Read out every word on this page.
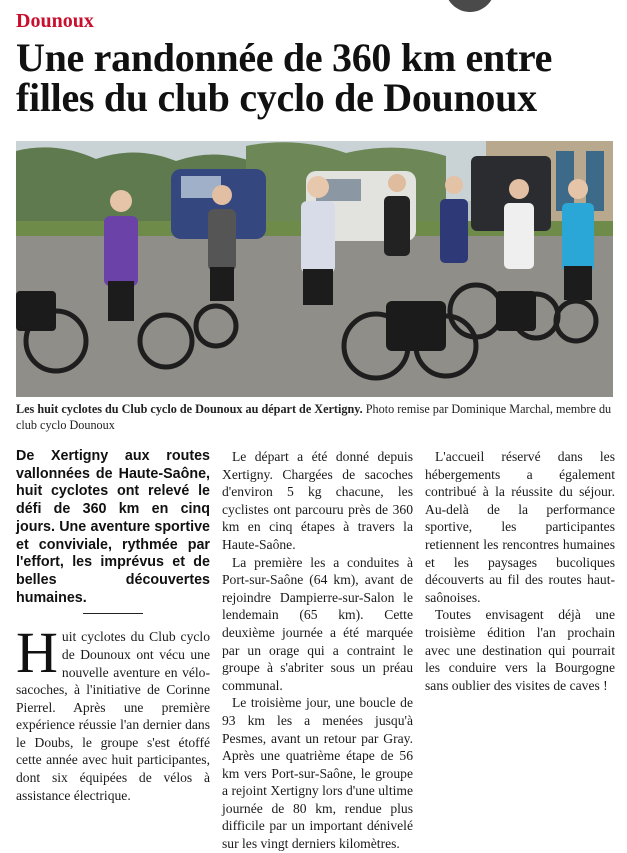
Dounoux
Une randonnée de 360 km entre filles du club cyclo de Dounoux
Les huit cyclotes du Club cyclo de Dounoux au départ de Xertigny. Photo remise par Dominique Marchal, membre du club cyclo Dounoux

De Xertigny aux routes vallonnées de Haute-Saône, huit cyclotes ont relevé le défi de 360 km en cinq jours. Une aventure sportive et conviviale, rythmée par l'effort, les imprévus et de belles découvertes humaines.

Huit cyclotes du Club cyclo de Dounoux ont vécu une nouvelle aventure en vélo-sacoches, à l'initiative de Corinne Pierrel. Après une première expérience réussie l'an dernier dans le Doubs, le groupe s'est étoffé cette année avec huit participantes, dont six équipées de vélos à assistance électrique.

Le départ a été donné depuis Xertigny. Chargées de sacoches d'environ 5 kg chacune, les cyclistes ont parcouru près de 360 km en cinq étapes à travers la Haute-Saône.

La première les a conduites à Port-sur-Saône (64 km), avant de rejoindre Dampierre-sur-Salon le lendemain (65 km). Cette deuxième journée a été marquée par un orage qui a contraint le groupe à s'abriter sous un préau communal.

Le troisième jour, une boucle de 93 km les a menées jusqu'à Pesmes, avant un retour par Gray. Après une quatrième étape de 56 km vers Port-sur-Saône, le groupe a rejoint Xertigny lors d'une ultime journée de 80 km, rendue plus difficile par un important dénivelé sur les vingt derniers kilomètres.

L'accueil réservé dans les hébergements a également contribué à la réussite du séjour. Au-delà de la performance sportive, les participantes retiennent les rencontres humaines et les paysages bucoliques découverts au fil des routes haut-saônoises.

Toutes envisagent déjà une troisième édition l'an prochain avec une destination qui pourrait les conduire vers la Bourgogne sans oublier des visites de caves !
